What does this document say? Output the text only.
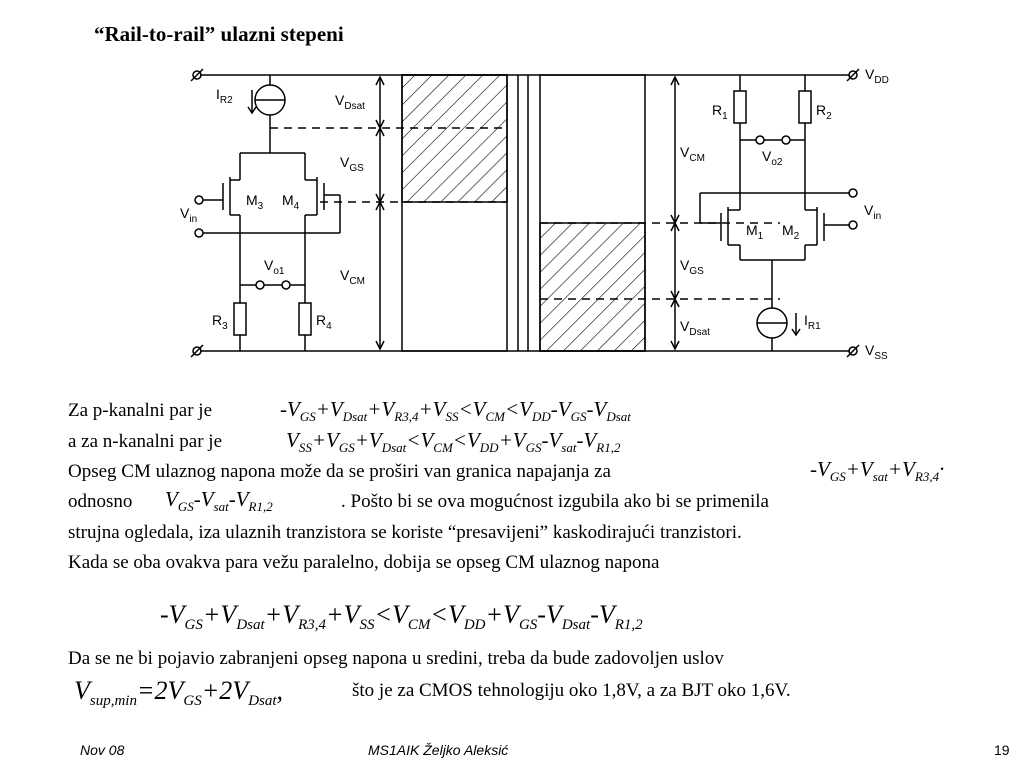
“Rail-to-rail” ulazni stepeni
$I_{R2}$
$V_{in}$
$M_3$ $M_4$
$V_{o1}$
$R_3$	$R_4$
$V_{Dsat}$
$V_{GS}$
$V_{CM}$
$V_{CM}$
$V_{GS}$
$V_{Dsat}$
$V_{DD}$
$V_{SS}$
$R_1$	$R_2$
$V_{o2}$
$V_{in}$
$M_1$ $M_2$
$I_{R1}$
Za p-kanalni par je	$-V_{GS}+V_{Dsat}+V_{R3,4}+V_{SS}<V_{CM}<V_{DD}-V_{GS}-V_{Dsat}$
a za n-kanalni par je	$V_{SS}+V_{GS}+V_{Dsat}<V_{CM}<V_{DD}+V_{GS}-V_{sat}-V_{R1,2}$
Opseg CM ulaznog napona može da se proširi van granica napajanja za	$-V_{GS}+V_{sat}+V_{R3,4}\cdot$
odnosno $V_{GS}-V_{sat}-V_{R1,2}$	. Pošto bi se ova mogućnost izgubila ako bi se primenila
strujna ogledala, iza ulaznih tranzistora se koriste “presavijeni” kaskodirajući tranzistori.
Kada se oba ovakva para vežu paralelno, dobija se opseg CM ulaznog napona
$-V_{GS}+V_{Dsat}+V_{R3,4}+V_{SS}<V_{CM}<V_{DD}+V_{GS}-V_{Dsat}-V_{R1,2}$
Da se ne bi pojavio zabranjeni opseg napona u sredini, treba da bude zadovoljen uslov
$V_{sup,min}=2V_{GS}+2V_{Dsat}$,	što je za CMOS tehnologiju oko 1,8V, a za BJT oko 1,6V.
Nov 08	MS1AIK Željko Aleksić	19
